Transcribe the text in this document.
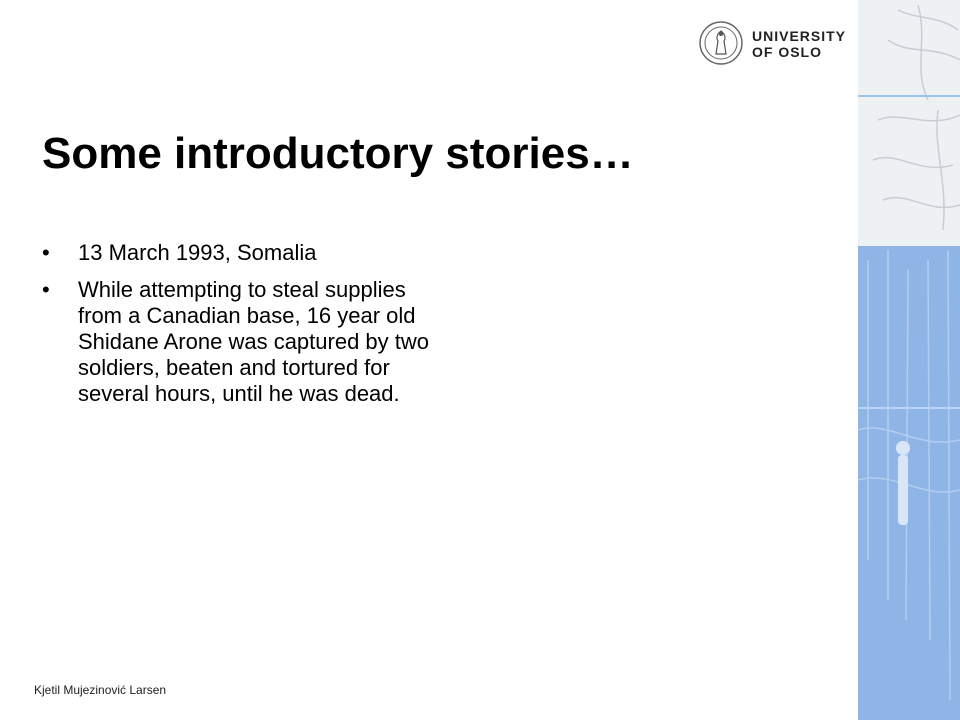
UNIVERSITY
OF OSLO
Some introductory stories…
• 13 March 1993, Somalia
• While attempting to steal supplies from a Canadian base, 16 year old Shidane Arone was captured by two soldiers, beaten and tortured for several hours, until he was dead.
Kjetil Mujezinović Larsen
